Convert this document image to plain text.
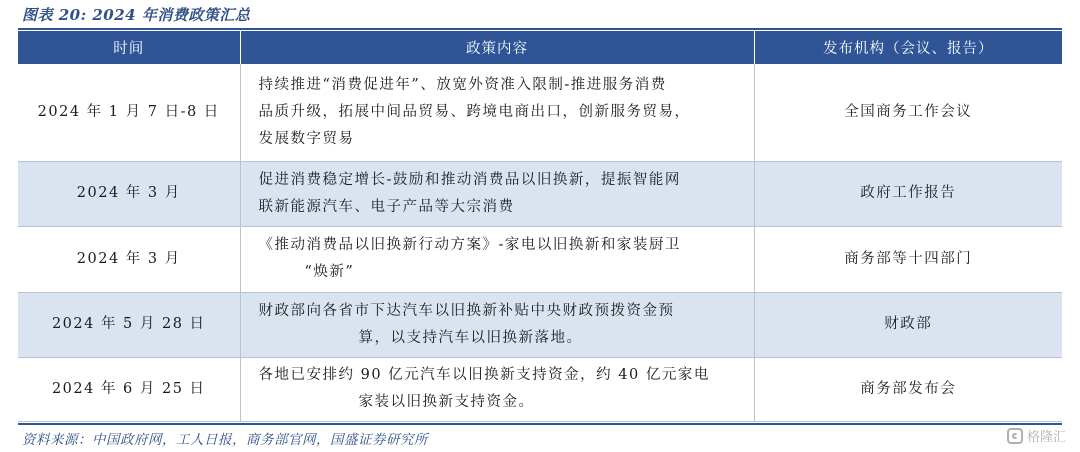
图表 20: 2024 年消费政策汇总
时间	政策内容	发布机构（会议、报告）
2024 年 1 月 7 日-8 日	持续推进“消费促进年”、放宽外资准入限制-推进服务消费
品质升级，拓展中间品贸易、跨境电商出口，创新服务贸易，
发展数字贸易	全国商务工作会议
2024 年 3 月	促进消费稳定增长-鼓励和推动消费品以旧换新，提振智能网
联新能源汽车、电子产品等大宗消费	政府工作报告
2024 年 3 月	《推动消费品以旧换新行动方案》-家电以旧换新和家装厨卫
“焕新”	商务部等十四部门
2024 年 5 月 28 日	财政部向各省市下达汽车以旧换新补贴中央财政预拨资金预
算，以支持汽车以旧换新落地。	财政部
2024 年 6 月 25 日	各地已安排约 90 亿元汽车以旧换新支持资金，约 40 亿元家电
家装以旧换新支持资金。	商务部发布会
资料来源：中国政府网，工人日报，商务部官网，国盛证券研究所	格隆汇
